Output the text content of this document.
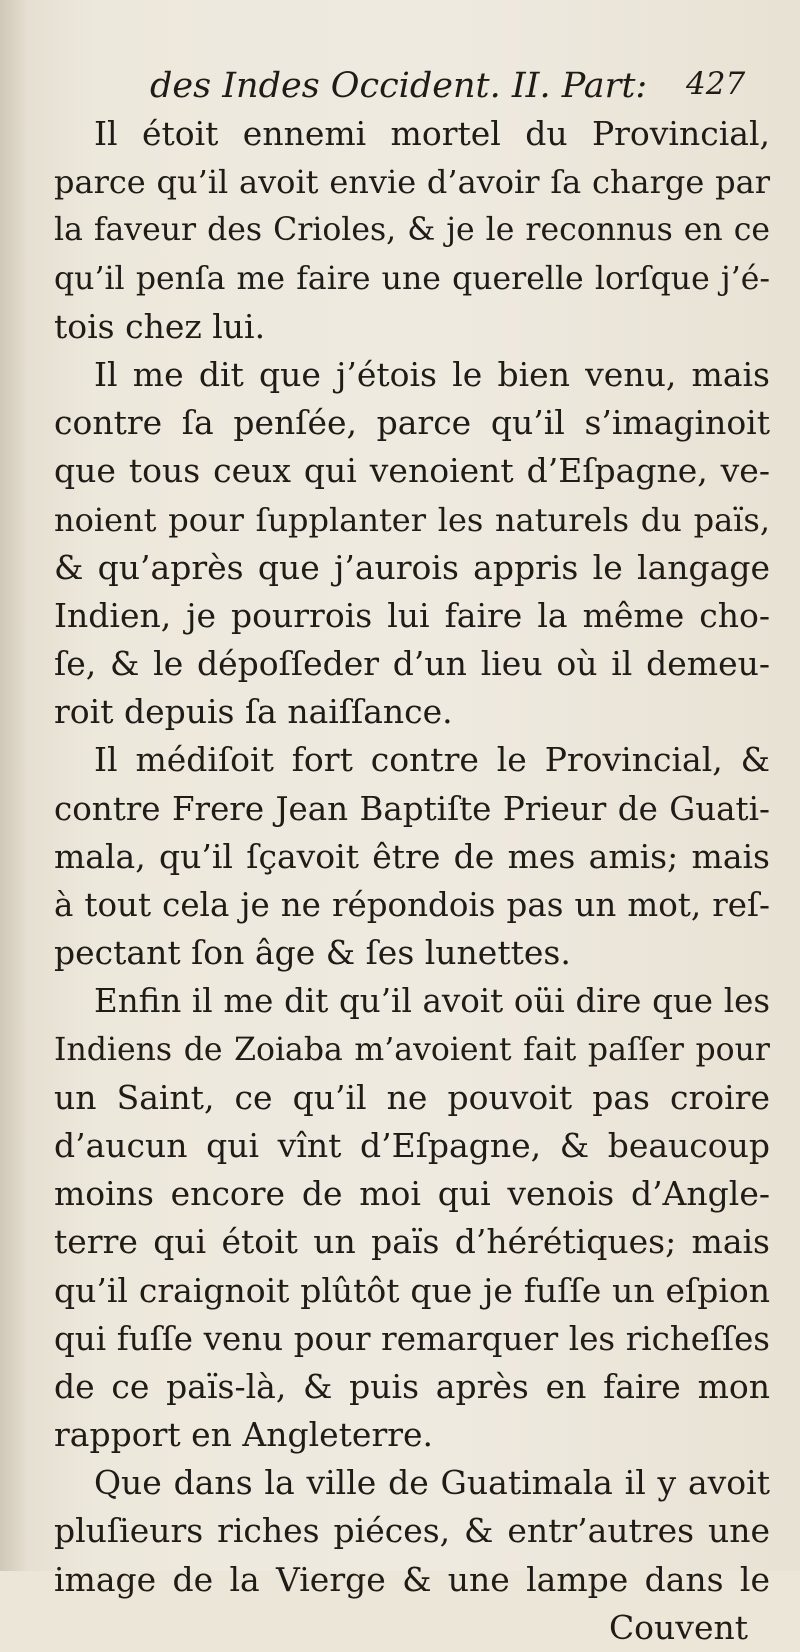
des Indes Occident. II. Part: 427
Il étoit ennemi mortel du Provincial,
parce qu’il avoit envie d’avoir ſa charge par
la faveur des Crioles, & je le reconnus en ce
qu’il penſa me faire une querelle lorſque j’é-
tois chez lui.
Il me dit que j’étois le bien venu, mais
contre ſa penſée, parce qu’il s’imaginoit
que tous ceux qui venoient d’Eſpagne, ve-
noient pour ſupplanter les naturels du païs,
& qu’après que j’aurois appris le langage
Indien, je pourrois lui faire la même cho-
ſe, & le dépoſſeder d’un lieu où il demeu-
roit depuis ſa naiſſance.
Il médiſoit fort contre le Provincial, &
contre Frere Jean Baptiſte Prieur de Guati-
mala, qu’il ſçavoit être de mes amis; mais
à tout cela je ne répondois pas un mot, reſ-
pectant ſon âge & ſes lunettes.
Enfin il me dit qu’il avoit oüi dire que les
Indiens de Zoiaba m’avoient fait paſſer pour
un Saint, ce qu’il ne pouvoit pas croire
d’aucun qui vînt d’Eſpagne, & beaucoup
moins encore de moi qui venois d’Angle-
terre qui étoit un païs d’hérétiques; mais
qu’il craignoit plûtôt que je fuſſe un eſpion
qui fuſſe venu pour remarquer les richeſſes
de ce païs-là, & puis après en faire mon
rapport en Angleterre.
Que dans la ville de Guatimala il y avoit
pluſieurs riches piéces, & entr’autres une
image de la Vierge & une lampe dans le
Couvent
